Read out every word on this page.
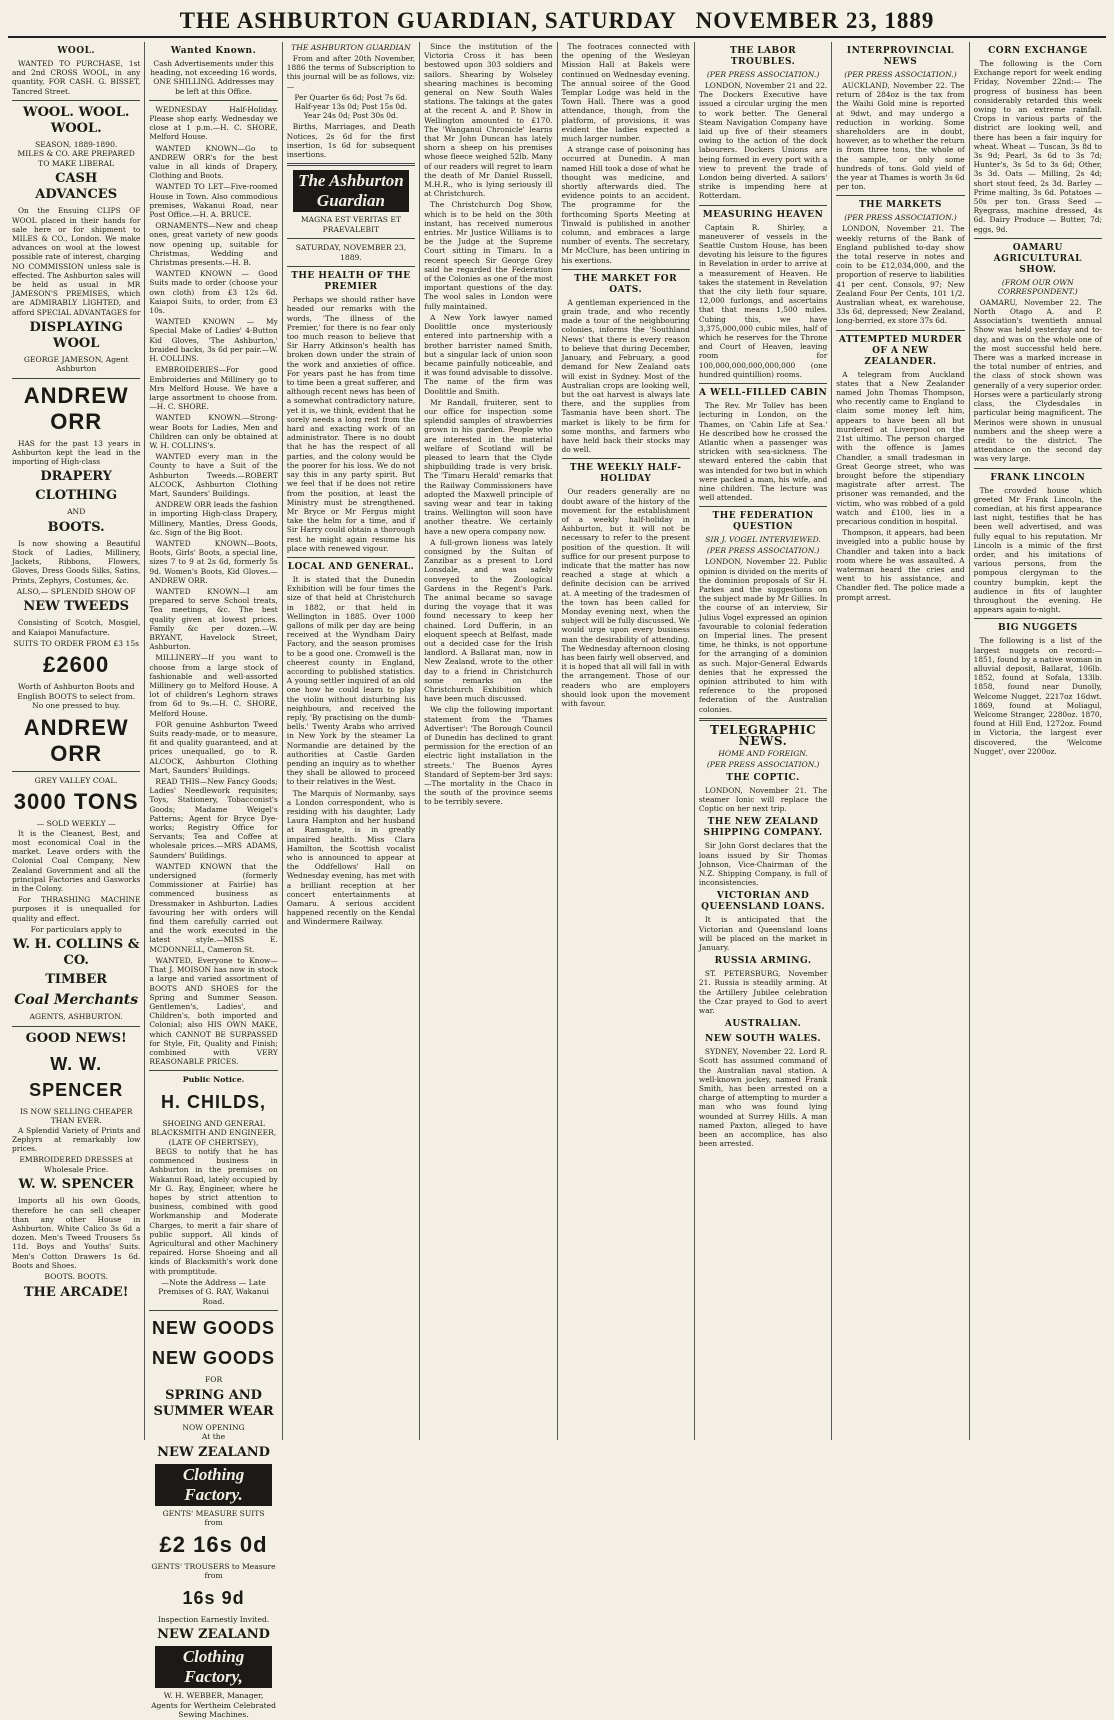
THE ASHBURTON GUARDIAN, SATURDAY NOVEMBER 23, 1889
WOOL.

WANTED TO PURCHASE, 1st and 2nd CROSS WOOL, in any quantity, FOR CASH. G. BISSET, Tancred Street.

WOOL. WOOL. WOOL.
SEASON, 1889-1890.
MILES & CO. ARE PREPARED TO MAKE LIBERAL
CASH ADVANCES

On the Ensuing CLIPS OF WOOL placed in their hands for sale here or for shipment to MILES & CO., London. We make advances on wool at the lowest possible rate of interest, charging NO COMMISSION unless sale is effected. The Ashburton sales will be held as usual in MR JAMESON'S PREMISES, which are ADMIRABLY LIGHTED, and afford SPECIAL ADVANTAGES for

DISPLAYING WOOL
GEORGE JAMESON, Agent Ashburton
ANDREW ORR

HAS for the past 13 years in Ashburton kept the lead in the importing of High-class

DRAPERY
CLOTHING
AND
BOOTS.

Is now showing a Beautiful Stock of Ladies, Millinery, Jackets, Ribbons, Flowers, Gloves, Dress Goods Silks, Satins, Prints, Zephyrs, Costumes, &c.

ALSO,— SPLENDID SHOW OF
NEW TWEEDS

Consisting of Scotch, Mosgiel, and Kaiapoi Manufacture.

SUITS TO ORDER FROM £3 15s
£2600
Worth of Ashburton Boots and English BOOTS to select from.
No one pressed to buy.
ANDREW ORR
GREY VALLEY COAL.
3000 TONS
— SOLD WEEKLY —

It is the Cleanest, Best, and most economical Coal in the market. Leave orders with the Colonial Coal Company, New Zealand Government and all the principal Factories and Gasworks in the Colony.

For THRASHING MACHINE purposes it is unequalled for quality and effect.

For particulars apply to
W. H. COLLINS & CO.
TIMBER
Coal Merchants
AGENTS, ASHBURTON.
GOOD NEWS!
W. W. SPENCER
IS NOW SELLING CHEAPER THAN EVER.

A Splendid Variety of Prints and Zephyrs at remarkably low prices.

EMBROIDERED DRESSES at Wholesale Price.
W. W. SPENCER

Imports all his own Goods, therefore he can sell cheaper than any other House in Ashburton. White Calico 3s 6d a dozen. Men's Tweed Trousers 5s 11d. Boys and Youths' Suits. Men's Cotton Drawers 1s 6d. Boots and Shoes.

BOOTS. BOOTS.
THE ARCADE!
Wanted Known.

Cash Advertisements under this heading, not exceeding 16 words, ONE SHILLING. Addresses may be left at this Office.

WEDNESDAY Half-Holiday. Please shop early. Wednesday we close at 1 p.m.—H. C. SHORE, Melford House.

WANTED KNOWN—Go to ANDREW ORR's for the best value in all kinds of Drapery, Clothing and Boots.

WANTED TO LET—Five-roomed House in Town. Also commodious premises, Wakanui Road, near Post Office.—H. A. BRUCE.

ORNAMENTS—New and cheap ones, great variety of new goods now opening up, suitable for Christmas, Wedding and Christmas presents.—H. B.

WANTED KNOWN — Good Suits made to order (choose your own cloth) from £3 12s 6d. Kaiapoi Suits, to order, from £3 10s.

WANTED KNOWN — My Special Make of Ladies' 4-Button Kid Gloves, 'The Ashburton,' braided backs, 3s 6d per pair.—W. H. COLLINS.

EMBROIDERIES—For good Embroideries and Millinery go to Mrs Melford House. We have a large assortment to choose from.—H. C. SHORE.

WANTED KNOWN.—Strong-wear Boots for Ladies, Men and Children can only be obtained at W. H. COLLINS's.

WANTED every man in the County to have a Suit of the Ashburton Tweeds.—ROBERT ALCOCK, Ashburton Clothing Mart, Saunders' Buildings.

ANDREW ORR leads the fashion in importing High-class Drapery, Millinery, Mantles, Dress Goods, &c. Sign of the Big Boot.

WANTED KNOWN—Boots, Boots, Girls' Boots, a special line, sizes 7 to 9 at 2s 6d, formerly 5s 9d. Women's Boots, Kid Gloves.—ANDREW ORR.

WANTED KNOWN—I am prepared to serve School treats, Tea meetings, &c. The best quality given at lowest prices. Family &c per dozen.—W. BRYANT, Havelock Street, Ashburton.

MILLINERY—If you want to choose from a large stock of fashionable and well-assorted Millinery go to Melford House. A lot of children's Leghorn straws from 6d to 9s.—H. C. SHORE, Melford House.

FOR genuine Ashburton Tweed Suits ready-made, or to measure, fit and quality guaranteed, and at prices unequalled, go to R. ALCOCK, Ashburton Clothing Mart, Saunders' Buildings.

READ THIS—New Fancy Goods; Ladies' Needlework requisites; Toys, Stationery, Tobacconist's Goods; Madame Weigel's Patterns; Agent for Bryce Dye-works; Registry Office for Servants; Tea and Coffee at wholesale prices.—MRS ADAMS, Saunders' Buildings.

WANTED KNOWN that the undersigned (formerly Commissioner at Fairlie) has commenced business as Dressmaker in Ashburton. Ladies favouring her with orders will find them carefully carried out and the work executed in the latest style.—MISS E. MCDONNELL, Cameron St.

WANTED, Everyone to Know—That J. MOISON has now in stock a large and varied assortment of BOOTS AND SHOES for the Spring and Summer Season. Gentlemen's, Ladies', and Children's, both imported and Colonial; also HIS OWN MAKE, which CANNOT BE SURPASSED for Style, Fit, Quality and Finish; combined with VERY REASONABLE PRICES.

Public Notice.
H. CHILDS,
SHOEING AND GENERAL BLACKSMITH AND ENGINEER,
(LATE OF CHERTSEY),

BEGS to notify that he has commenced business in Ashburton in the premises on Wakanui Road, lately occupied by Mr G. Ray, Engineer, where he hopes by strict attention to business, combined with good Workmanship and Moderate Charges, to merit a fair share of public support. All kinds of Agricultural and other Machinery repaired. Horse Shoeing and all kinds of Blacksmith's work done with promptitude.

—Note the Address — Late Premises of G. RAY, Wakanui Road.
NEW GOODS
NEW GOODS
FOR
SPRING AND SUMMER WEAR
NOW OPENING
At the
NEW ZEALAND
Clothing Factory.
GENTS' MEASURE SUITS
from
£2 16s 0d
GENTS' TROUSERS to Measure from
16s 9d
Inspection Earnestly Invited.
NEW ZEALAND
Clothing Factory,
W. H. WEBBER, Manager,
Agents for Wertheim Celebrated Sewing Machines.
THE ASHBURTON GUARDIAN

From and after 20th November, 1886 the terms of Subscription to this journal will be as follows, viz:—

Per Quarter 6s 6d; Post 7s 6d. Half-year 13s 0d; Post 15s 0d. Year 24s 0d; Post 30s 0d.

Births, Marriages, and Death Notices, 2s 6d for the first insertion, 1s 6d for subsequent insertions.

The Ashburton Guardian
MAGNA EST VERITAS ET PRAEVALEBIT
SATURDAY, NOVEMBER 23, 1889.
THE HEALTH OF THE PREMIER

Perhaps we should rather have headed our remarks with the words, 'The illness of the Premier,' for there is no fear only too much reason to believe that Sir Harry Atkinson's health has broken down under the strain of the work and anxieties of office. For years past he has from time to time been a great sufferer, and although recent news has been of a somewhat contradictory nature, yet it is, we think, evident that he sorely needs a long rest from the hard and exacting work of an administrator. There is no doubt that he has the respect of all parties, and the colony would be the poorer for his loss. We do not say this in any party spirit. But we feel that if he does not retire from the position, at least the Ministry must be strengthened. Mr Bryce or Mr Fergus might take the helm for a time, and if Sir Harry could obtain a thorough rest he might again resume his place with renewed vigour.

LOCAL AND GENERAL.

It is stated that the Dunedin Exhibition will be four times the size of that held at Christchurch in 1882, or that held in Wellington in 1885. Over 1000 gallons of milk per day are being received at the Wyndham Dairy Factory, and the season promises to be a good one. Cromwell is the cheerest county in England, according to published statistics. A young settler inquired of an old one how he could learn to play the violin without disturbing his neighbours, and received the reply, 'By practising on the dumb-bells.' Twenty Arabs who arrived in New York by the steamer La Normandie are detained by the authorities at Castle Garden pending an inquiry as to whether they shall be allowed to proceed to their relatives in the West.

The Marquis of Normanby, says a London correspondent, who is residing with his daughter, Lady Laura Hampton and her husband at Ramsgate, is in greatly impaired health. Miss Clara Hamilton, the Scottish vocalist who is announced to appear at the Oddfellows' Hall on Wednesday evening, has met with a brilliant reception at her concert entertainments at Oamaru. A serious accident happened recently on the Kendal and Windermere Railway.

Since the institution of the Victoria Cross it has been bestowed upon 303 soldiers and sailors. Shearing by Wolseley shearing machines is becoming general on New South Wales stations. The takings at the gates at the recent A. and P. Show in Wellington amounted to £170. The 'Wanganui Chronicle' learns that Mr John Duncan has lately shorn a sheep on his premises whose fleece weighed 52lb. Many of our readers will regret to learn the death of Mr Daniel Russell, M.H.R., who is lying seriously ill at Christchurch.

The Christchurch Dog Show, which is to be held on the 30th instant, has received numerous entries. Mr Justice Williams is to be the Judge at the Supreme Court sitting in Timaru. In a recent speech Sir George Grey said he regarded the Federation of the Colonies as one of the most important questions of the day. The wool sales in London were fully maintained.

A New York lawyer named Doolittle once mysteriously entered into partnership with a brother barrister named Smith, but a singular lack of union soon became painfully noticeable, and it was found advisable to dissolve. The name of the firm was Doolittle and Smith.

Mr Randall, fruiterer, sent to our office for inspection some splendid samples of strawberries grown in his garden. People who are interested in the material welfare of Scotland will be pleased to learn that the Clyde shipbuilding trade is very brisk. The 'Timaru Herald' remarks that the Railway Commissioners have adopted the Maxwell principle of saving wear and tear in taking trains. Wellington will soon have another theatre. We certainly have a new opera company now.

A full-grown lioness was lately consigned by the Sultan of Zanzibar as a present to Lord Lonsdale, and was safely conveyed to the Zoological Gardens in the Regent's Park. The animal became so savage during the voyage that it was found necessary to keep her chained. Lord Dufferin, in an eloquent speech at Belfast, made out a decided case for the Irish landlord. A Ballarat man, now in New Zealand, wrote to the other day to a friend in Christchurch some remarks on the Christchurch Exhibition which have been much discussed.

We clip the following important statement from the 'Thames Advertiser': 'The Borough Council of Dunedin has declined to grant permission for the erection of an electric light installation in the streets.' The Buenos Ayres Standard of Septem-ber 3rd says:—The mortality in the Chaco in the south of the province seems to be terribly severe.

The footraces connected with the opening of the Wesleyan Mission Hall at Bakels were continued on Wednesday evening. The annual soiree of the Good Templar Lodge was held in the Town Hall. There was a good attendance, though, from the platform, of provisions, it was evident the ladies expected a much larger number.

A strange case of poisoning has occurred at Dunedin. A man named Hill took a dose of what he thought was medicine, and shortly afterwards died. The evidence points to an accident. The programme for the forthcoming Sports Meeting at Tinwald is published in another column, and embraces a large number of events. The secretary, Mr McClure, has been untiring in his exertions.

THE MARKET FOR OATS.

A gentleman experienced in the grain trade, and who recently made a tour of the neighbouring colonies, informs the 'Southland News' that there is every reason to believe that during December, January, and February, a good demand for New Zealand oats will exist in Sydney. Most of the Australian crops are looking well, but the oat harvest is always late there, and the supplies from Tasmania have been short. The market is likely to be firm for some months, and farmers who have held back their stocks may do well.

THE WEEKLY HALF-HOLIDAY

Our readers generally are no doubt aware of the history of the movement for the establishment of a weekly half-holiday in Ashburton, but it will not be necessary to refer to the present position of the question. It will suffice for our present purpose to indicate that the matter has now reached a stage at which a definite decision can be arrived at. A meeting of the tradesmen of the town has been called for Monday evening next, when the subject will be fully discussed. We would urge upon every business man the desirability of attending. The Wednesday afternoon closing has been fairly well observed, and it is hoped that all will fall in with the arrangement. Those of our readers who are employers should look upon the movement with favour.

THE LABOR TROUBLES.
(PER PRESS ASSOCIATION.)

LONDON, November 21 and 22. The Dockers Executive have issued a circular urging the men to work better. The General Steam Navigation Company have laid up five of their steamers owing to the action of the dock labourers. Dockers Unions are being formed in every port with a view to prevent the trade of London being diverted. A sailors' strike is impending here at Rotterdam.

MEASURING HEAVEN

Captain R. Shirley, a maneuverer of vessels in the Seattle Custom House, has been devoting his leisure to the figures in Revelation in order to arrive at a measurement of Heaven. He takes the statement in Revelation that the city lieth four square, 12,000 furlongs, and ascertains that that means 1,500 miles. Cubing this, we have 3,375,000,000 cubic miles, half of which he reserves for the Throne and Court of Heaven, leaving room for 100,000,000,000,000,000 (one hundred quintillion) rooms.

A WELL-FILLED CABIN

The Rev. Mr Tollev has been lecturing in London, on the Thames, on 'Cabin Life at Sea.' He described how he crossed the Atlantic when a passenger was stricken with sea-sickness. The steward entered the cabin that was intended for two but in which were packed a man, his wife, and nine children. The lecture was well attended.

THE FEDERATION QUESTION
SIR J. VOGEL INTERVIEWED.
(PER PRESS ASSOCIATION.)

LONDON, November 22. Public opinion is divided on the merits of the dominion proposals of Sir H. Parkes and the suggestions on the subject made by Mr Gillies. In the course of an interview, Sir Julius Vogel expressed an opinion favourable to colonial federation on Imperial lines. The present time, he thinks, is not opportune for the arranging of a dominion as such. Major-General Edwards denies that he expressed the opinion attributed to him with reference to the proposed federation of the Australian colonies.

TELEGRAPHIC NEWS.
HOME AND FOREIGN.
(PER PRESS ASSOCIATION.)
THE COPTIC.

LONDON, November 21. The steamer Ionic will replace the Coptic on her next trip.

THE NEW ZEALAND SHIPPING COMPANY.

Sir John Gorst declares that the loans issued by Sir Thomas Johnson, Vice-Chairman of the N.Z. Shipping Company, is full of inconsistencies.

VICTORIAN AND QUEENSLAND LOANS.

It is anticipated that the Victorian and Queensland loans will be placed on the market in January.

RUSSIA ARMING.

ST. PETERSBURG, November 21. Russia is steadily arming. At the Artillery Jubilee celebration the Czar prayed to God to avert war.

AUSTRALIAN.
NEW SOUTH WALES.

SYDNEY, November 22. Lord R. Scott has assumed command of the Australian naval station. A well-known jockey, named Frank Smith, has been arrested on a charge of attempting to murder a man who was found lying wounded at Surrey Hills. A man named Paxton, alleged to have been an accomplice, has also been arrested.

INTERPROVINCIAL NEWS
(PER PRESS ASSOCIATION.)

AUCKLAND, November 22. The return of 284oz is the tax from the Waihi Gold mine is reported at 9dwt, and may undergo a reduction in working. Some shareholders are in doubt, however, as to whether the return is from three tons, the whole of the sample, or only some hundreds of tons. Gold yield of the year at Thames is worth 3s 6d per ton.

THE MARKETS
(PER PRESS ASSOCIATION.)

LONDON, November 21. The weekly returns of the Bank of England published to-day show the total reserve in notes and coin to be £12,034,000, and the proportion of reserve to liabilities 41 per cent. Consols, 97; New Zealand Four Per Cents, 101 1/2. Australian wheat, ex warehouse, 33s 6d, depressed; New Zealand, long-berried, ex store 37s 6d.

ATTEMPTED MURDER OF A NEW ZEALANDER.

A telegram from Auckland states that a New Zealander named John Thomas Thompson, who recently came to England to claim some money left him, appears to have been all but murdered at Liverpool on the 21st ultimo. The person charged with the offence is James Chandler, a small tradesman in Great George street, who was brought before the stipendiary magistrate after arrest. The prisoner was remanded, and the victim, who was robbed of a gold watch and £100, lies in a precarious condition in hospital.

Thompson, it appears, had been inveigled into a public house by Chandler and taken into a back room where he was assaulted. A waterman heard the cries and went to his assistance, and Chandler fled. The police made a prompt arrest.

CORN EXCHANGE

The following is the Corn Exchange report for week ending Friday, November 22nd:— The progress of business has been considerably retarded this week owing to an extreme rainfall. Crops in various parts of the district are looking well, and there has been a fair inquiry for wheat. Wheat — Tuscan, 3s 8d to 3s 9d; Pearl, 3s 6d to 3s 7d; Hunter's, 3s 5d to 3s 6d; Other, 3s 3d. Oats — Milling, 2s 4d; short stout feed, 2s 3d. Barley — Prime malting, 3s 6d. Potatoes — 50s per ton. Grass Seed — Ryegrass, machine dressed, 4s 6d. Dairy Produce — Butter, 7d; eggs, 9d.

OAMARU AGRICULTURAL SHOW.
(FROM OUR OWN CORRESPONDENT.)

OAMARU, November 22. The North Otago A. and P. Association's twentieth annual Show was held yesterday and to-day, and was on the whole one of the most successful held here. There was a marked increase in the total number of entries, and the class of stock shown was generally of a very superior order. Horses were a particularly strong class, the Clydesdales in particular being magnificent. The Merinos were shown in unusual numbers and the sheep were a credit to the district. The attendance on the second day was very large.

FRANK LINCOLN

The crowded house which greeted Mr Frank Lincoln, the comedian, at his first appearance last night, testifies that he has been well advertised, and was fully equal to his reputation. Mr Lincoln is a mimic of the first order, and his imitations of various persons, from the pompous clergyman to the country bumpkin, kept the audience in fits of laughter throughout the evening. He appears again to-night.

BIG NUGGETS

The following is a list of the largest nuggets on record:— 1851, found by a native woman in alluvial deposit, Ballarat, 106lb. 1852, found at Sofala, 133lb. 1858, found near Dunolly, Welcome Nugget, 2217oz 16dwt. 1869, found at Moliagul, Welcome Stranger, 2280oz. 1870, found at Hill End, 1272oz. Found in Victoria, the largest ever discovered, the 'Welcome Nugget', over 2200oz.
